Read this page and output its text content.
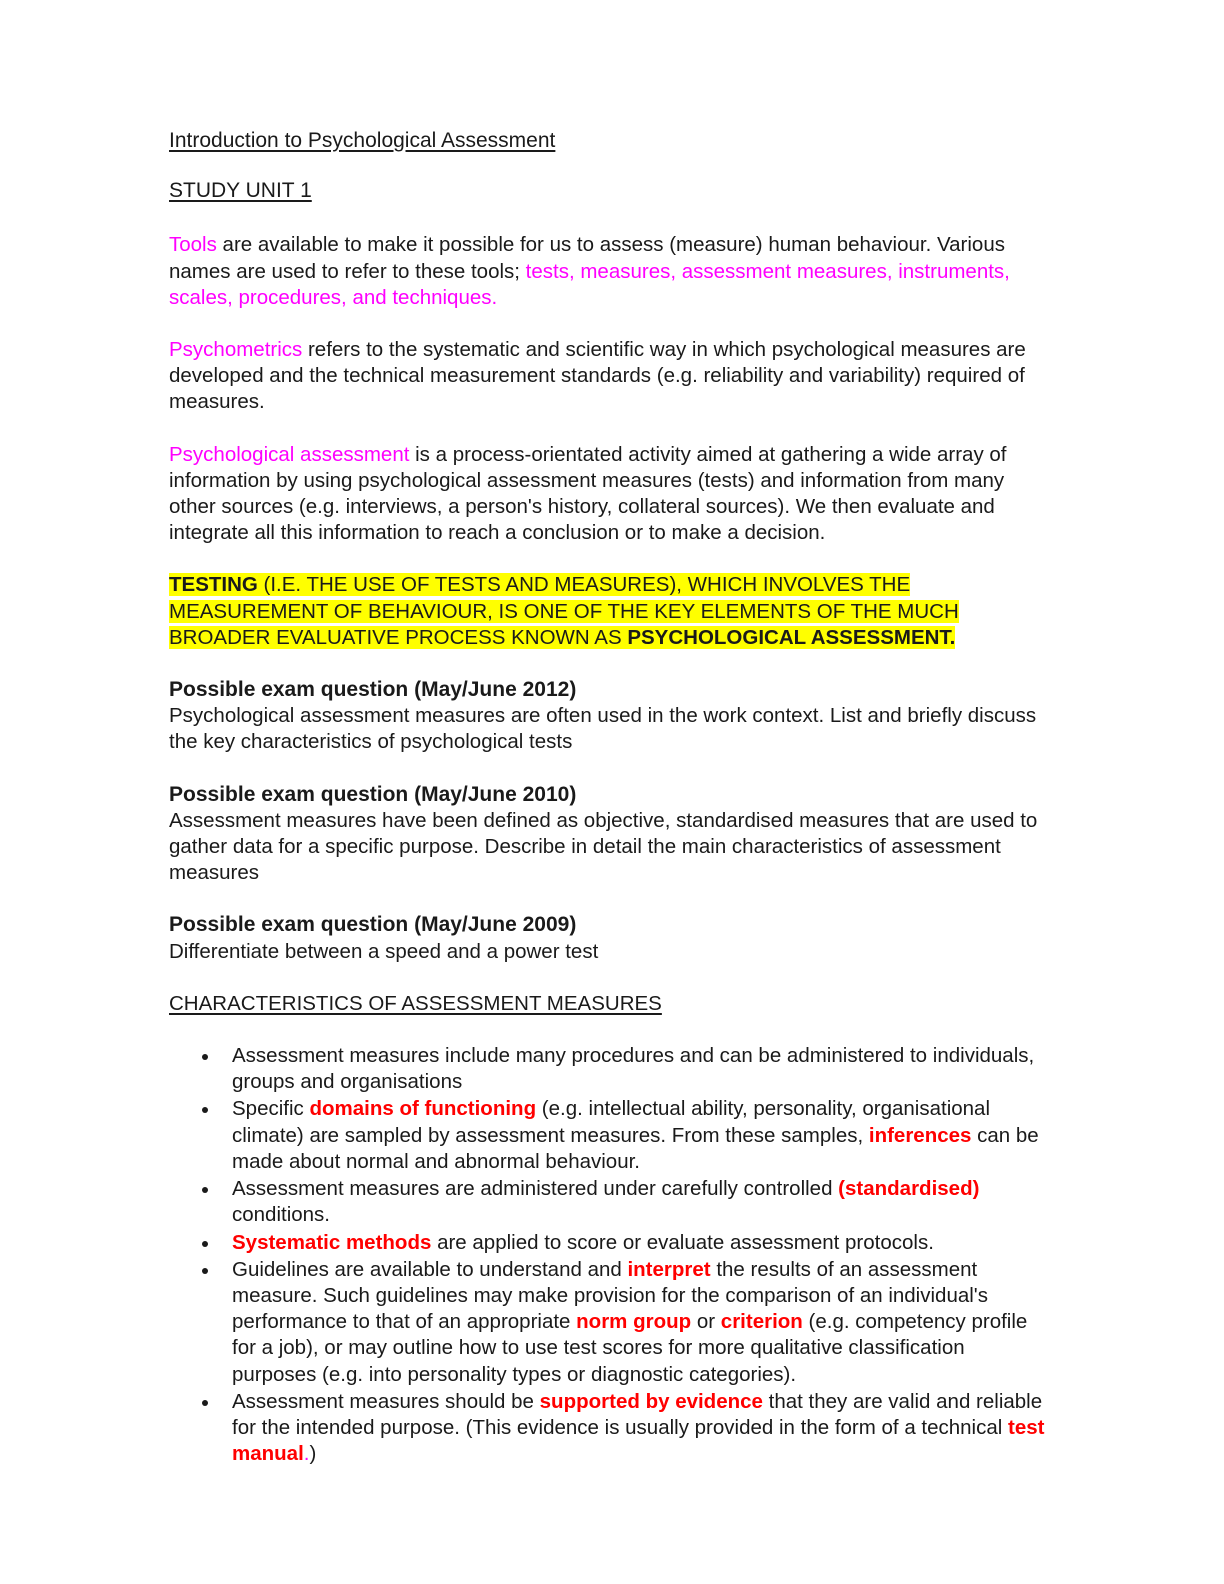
Introduction to Psychological Assessment

STUDY UNIT 1

Tools are available to make it possible for us to assess (measure) human behaviour. Various names are used to refer to these tools; tests, measures, assessment measures, instruments, scales, procedures, and techniques.

Psychometrics refers to the systematic and scientific way in which psychological measures are developed and the technical measurement standards (e.g. reliability and variability) required of measures.

Psychological assessment is a process-orientated activity aimed at gathering a wide array of information by using psychological assessment measures (tests) and information from many other sources (e.g. interviews, a person's history, collateral sources). We then evaluate and integrate all this information to reach a conclusion or to make a decision.

TESTING (I.E. THE USE OF TESTS AND MEASURES), WHICH INVOLVES THE MEASUREMENT OF BEHAVIOUR, IS ONE OF THE KEY ELEMENTS OF THE MUCH BROADER EVALUATIVE PROCESS KNOWN AS PSYCHOLOGICAL ASSESSMENT.

Possible exam question (May/June 2012)

Psychological assessment measures are often used in the work context. List and briefly discuss the key characteristics of psychological tests

Possible exam question (May/June 2010)

Assessment measures have been defined as objective, standardised measures that are used to gather data for a specific purpose. Describe in detail the main characteristics of assessment measures

Possible exam question (May/June 2009)

Differentiate between a speed and a power test

CHARACTERISTICS OF ASSESSMENT MEASURES

Assessment measures include many procedures and can be administered to individuals, groups and organisations
Specific domains of functioning (e.g. intellectual ability, personality, organisational climate) are sampled by assessment measures. From these samples, inferences can be made about normal and abnormal behaviour.
Assessment measures are administered under carefully controlled (standardised) conditions.
Systematic methods are applied to score or evaluate assessment protocols.
Guidelines are available to understand and interpret the results of an assessment measure. Such guidelines may make provision for the comparison of an individual's performance to that of an appropriate norm group or criterion (e.g. competency profile for a job), or may outline how to use test scores for more qualitative classification purposes (e.g. into personality types or diagnostic categories).
Assessment measures should be supported by evidence that they are valid and reliable for the intended purpose. (This evidence is usually provided in the form of a technical test manual.)
